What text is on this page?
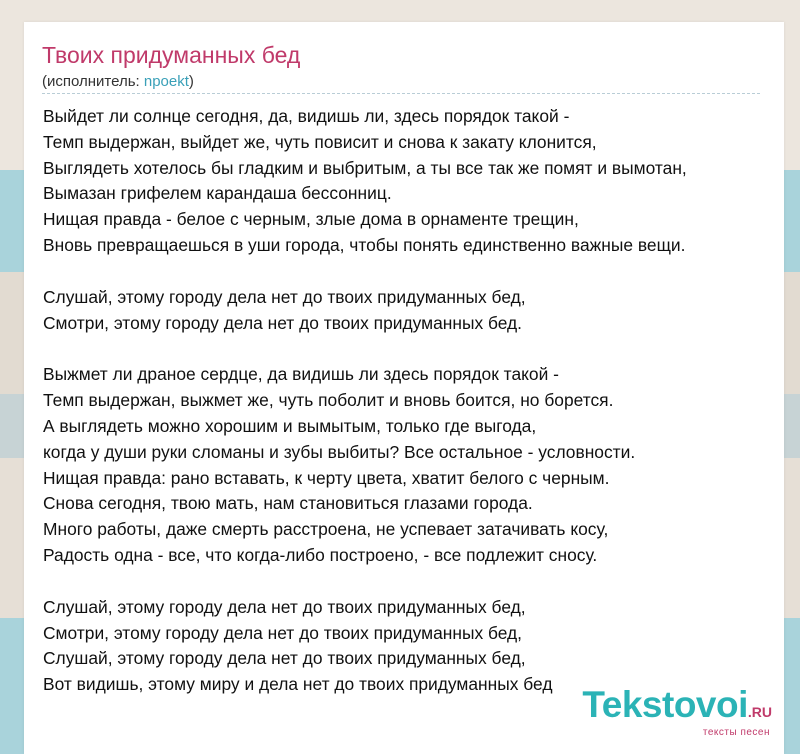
Твоих придуманных бед
(исполнитель: npoekt)
Выйдет ли солнце сегодня, да, видишь ли, здесь порядок такой -
Темп выдержан, выйдет же, чуть повисит и снова к закату клонится,
Выглядеть хотелось бы гладким и выбритым, а ты все так же помят и вымотан,
Вымазан грифелем карандаша бессонниц.
Нищая правда - белое с черным, злые дома в орнаменте трещин,
Вновь превращаешься в уши города, чтобы понять единственно важные вещи.
Слушай, этому городу дела нет до твоих придуманных бед,
Смотри, этому городу дела нет до твоих придуманных бед.
Выжмет ли драное сердце, да видишь ли здесь порядок такой -
Темп выдержан, выжмет же, чуть поболит и вновь боится, но борется.
А выглядеть можно хорошим и вымытым, только где выгода,
когда у души руки сломаны и зубы выбиты? Все остальное - условности.
Нищая правда: рано вставать, к черту цвета, хватит белого с черным.
Снова сегодня, твою мать, нам становиться глазами города.
Много работы, даже смерть расстроена, не успевает затачивать косу,
Радость одна - все, что когда-либо построено, - все подлежит сносу.
Слушай, этому городу дела нет до твоих придуманных бед,
Смотри, этому городу дела нет до твоих придуманных бед,
Слушай, этому городу дела нет до твоих придуманных бед,
Вот видишь, этому миру и дела нет до твоих придуманных бед Tekstovoi.RU
тексты песен
